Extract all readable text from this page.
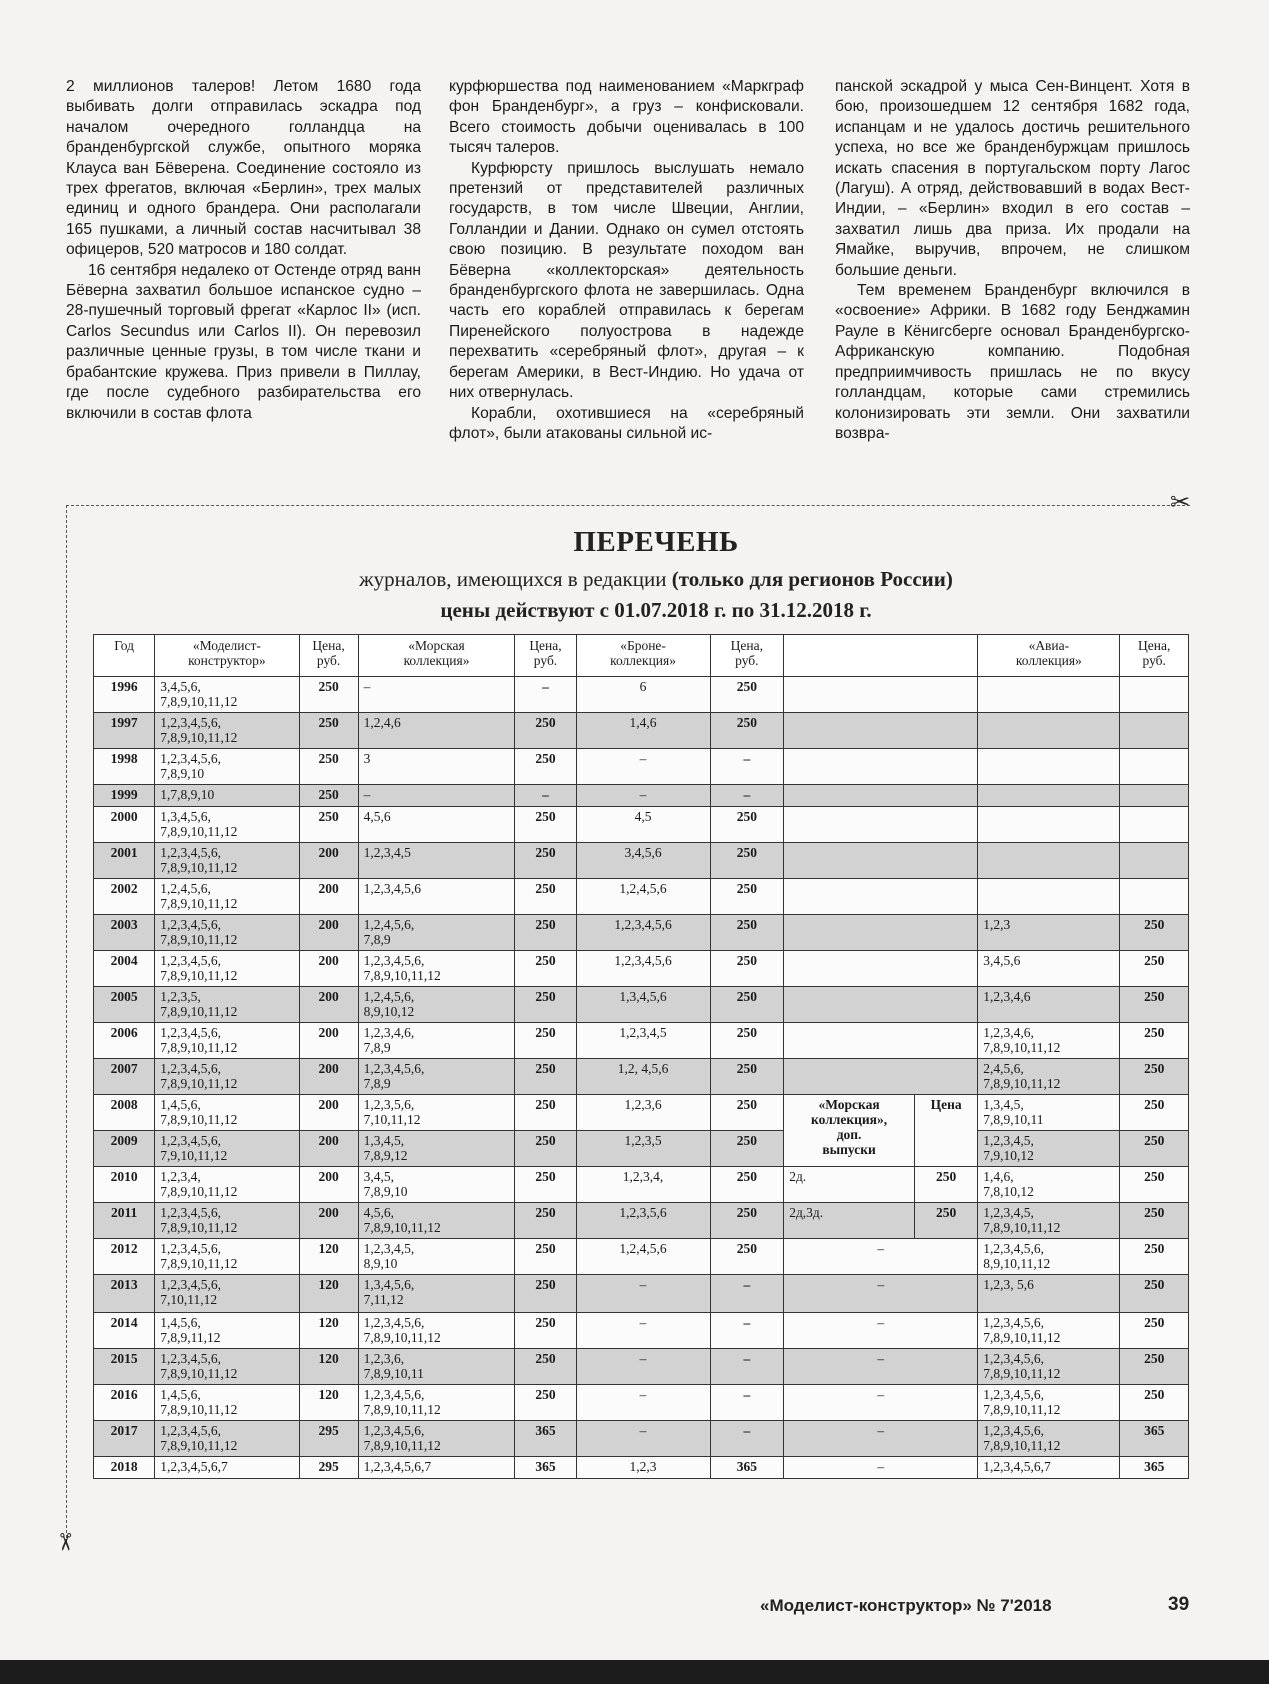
2 миллионов талеров! Летом 1680 года выбивать долги отправилась эскадра под началом очередного голландца на бранденбургской службе, опытного моряка Клауса ван Бёверена. Соединение состояло из трех фрегатов, включая «Берлин», трех малых единиц и одного брандера. Они располагали 165 пушками, а личный состав насчитывал 38 офицеров, 520 матросов и 180 солдат.

16 сентября недалеко от Остенде отряд ванн Бёверна захватил большое испанское судно – 28-пушечный торговый фрегат «Карлос II» (исп. Carlos Secundus или Carlos II). Он перевозил различные ценные грузы, в том числе ткани и брабантские кружева. Приз привели в Пиллау, где после судебного разбирательства его включили в состав флота

курфюршества под наименованием «Маркграф фон Бранденбург», а груз – конфисковали. Всего стоимость добычи оценивалась в 100 тысяч талеров.

Курфюрсту пришлось выслушать немало претензий от представителей различных государств, в том числе Швеции, Англии, Голландии и Дании. Однако он сумел отстоять свою позицию. В результате походом ван Бёверна «коллекторская» деятельность бранденбургского флота не завершилась. Одна часть его кораблей отправилась к берегам Пиренейского полуострова в надежде перехватить «серебряный флот», другая – к берегам Америки, в Вест-Индию. Но удача от них отвернулась.

Корабли, охотившиеся на «серебряный флот», были атакованы сильной ис-

панской эскадрой у мыса Сен-Винцент. Хотя в бою, произошедшем 12 сентября 1682 года, испанцам и не удалось достичь решительного успеха, но все же бранденбуржцам пришлось искать спасения в португальском порту Лагос (Лагуш). А отряд, действовавший в водах Вест-Индии, – «Берлин» входил в его состав – захватил лишь два приза. Их продали на Ямайке, выручив, впрочем, не слишком большие деньги.

Тем временем Бранденбург включился в «освоение» Африки. В 1682 году Бенджамин Рауле в Кёнигсберге основал Бранденбургско-Африканскую компанию. Подобная предприимчивость пришлась не по вкусу голландцам, которые сами стремились колонизировать эти земли. Они захватили возвра-

✂
✂
ПЕРЕЧЕНЬ
журналов, имеющихся в редакции (только для регионов России)
цены действуют с 01.07.2018 г. по 31.12.2018 г.
Год	«Моделист-
конструктор»	Цена,
руб.	«Морская
коллекция»	Цена,
руб.	«Броне-
коллекция»	Цена,
руб.			«Авиа-
коллекция»	Цена,
руб.
1996	3,4,5,6,
7,8,9,10,11,12	250	–	–	6	250				
1997	1,2,3,4,5,6,
7,8,9,10,11,12	250	1,2,4,6	250	1,4,6	250				
1998	1,2,3,4,5,6,
7,8,9,10	250	3	250	–	–				
1999	1,7,8,9,10	250	–	–	–	–				
2000	1,3,4,5,6,
7,8,9,10,11,12	250	4,5,6	250	4,5	250				
2001	1,2,3,4,5,6,
7,8,9,10,11,12	200	1,2,3,4,5	250	3,4,5,6	250				
2002	1,2,4,5,6,
7,8,9,10,11,12	200	1,2,3,4,5,6	250	1,2,4,5,6	250				
2003	1,2,3,4,5,6,
7,8,9,10,11,12	200	1,2,4,5,6,
7,8,9	250	1,2,3,4,5,6	250			1,2,3	250
2004	1,2,3,4,5,6,
7,8,9,10,11,12	200	1,2,3,4,5,6,
7,8,9,10,11,12	250	1,2,3,4,5,6	250			3,4,5,6	250
2005	1,2,3,5,
7,8,9,10,11,12	200	1,2,4,5,6,
8,9,10,12	250	1,3,4,5,6	250			1,2,3,4,6	250
2006	1,2,3,4,5,6,
7,8,9,10,11,12	200	1,2,3,4,6,
7,8,9	250	1,2,3,4,5	250			1,2,3,4,6,
7,8,9,10,11,12	250
2007	1,2,3,4,5,6,
7,8,9,10,11,12	200	1,2,3,4,5,6,
7,8,9	250	1,2, 4,5,6	250			2,4,5,6,
7,8,9,10,11,12	250
2008	1,4,5,6,
7,8,9,10,11,12	200	1,2,3,5,6,
7,10,11,12	250	1,2,3,6	250	«Морская
коллекция»,
доп.
выпуски	Цена	1,3,4,5,
7,8,9,10,11	250
2009	1,2,3,4,5,6,
7,9,10,11,12	200	1,3,4,5,
7,8,9,12	250	1,2,3,5	250			1,2,3,4,5,
7,9,10,12	250
2010	1,2,3,4,
7,8,9,10,11,12	200	3,4,5,
7,8,9,10	250	1,2,3,4,	250	2д.	250	1,4,6,
7,8,10,12	250
2011	1,2,3,4,5,6,
7,8,9,10,11,12	200	4,5,6,
7,8,9,10,11,12	250	1,2,3,5,6	250	2д,3д.	250	1,2,3,4,5,
7,8,9,10,11,12	250
2012	1,2,3,4,5,6,
7,8,9,10,11,12	120	1,2,3,4,5,
8,9,10	250	1,2,4,5,6	250	–		1,2,3,4,5,6,
8,9,10,11,12	250
2013	1,2,3,4,5,6,
7,10,11,12	120	1,3,4,5,6,
7,11,12	250	–	–	–		1,2,3, 5,6	250
2014	1,4,5,6,
7,8,9,11,12	120	1,2,3,4,5,6,
7,8,9,10,11,12	250	–	–	–		1,2,3,4,5,6,
7,8,9,10,11,12	250
2015	1,2,3,4,5,6,
7,8,9,10,11,12	120	1,2,3,6,
7,8,9,10,11	250	–	–	–		1,2,3,4,5,6,
7,8,9,10,11,12	250
2016	1,4,5,6,
7,8,9,10,11,12	120	1,2,3,4,5,6,
7,8,9,10,11,12	250	–	–	–		1,2,3,4,5,6,
7,8,9,10,11,12	250
2017	1,2,3,4,5,6,
7,8,9,10,11,12	295	1,2,3,4,5,6,
7,8,9,10,11,12	365	–	–	–		1,2,3,4,5,6,
7,8,9,10,11,12	365
2018	1,2,3,4,5,6,7	295	1,2,3,4,5,6,7	365	1,2,3	365	–		1,2,3,4,5,6,7	365
«Моделист-конструктор» № 7'2018	39
